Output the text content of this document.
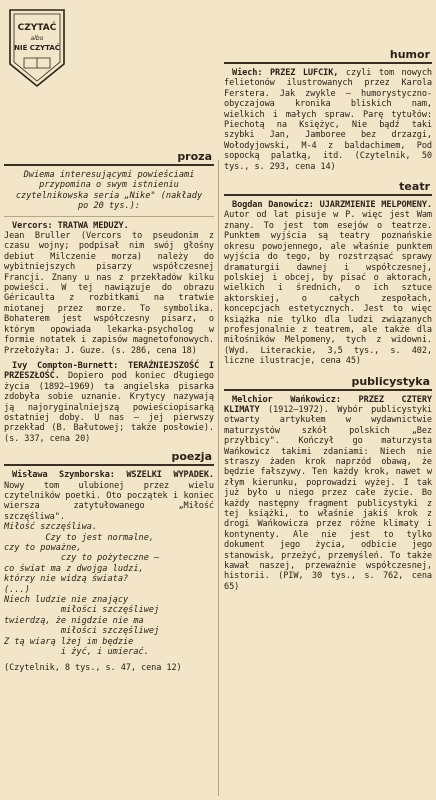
CZYTAĆ
albo
NIE CZYTAĆ
proza

Dwiema interesującymi powieściami przypomina o swym istnieniu czytelnikowska seria „Nike" (nakłady po 20 tys.):

Vercors: TRATWA MEDUZY.
Jean Bruller (Vercors to pseudonim z czasu wojny; podpisał nim swój głośny debiut Milczenie morza) należy do wybitniejszych pisarzy współczesnej Francji. Znany u nas z przekładów kilku powieści. W tej nawiązuje do obrazu Géricaulta z rozbitkami na tratwie miotanej przez morze. To symbolika. Bohaterem jest współczesny pisarz, o którym opowiada lekarka-psycholog w formie notatek i zapisów magnetofonowych. Przełożyła: J. Guze. (s. 286, cena 18)

Ivy Compton-Burnett: TERAŹNIEJSZOŚĆ I PRZESZŁOŚĆ. Dopiero pod koniec długiego życia (1892—1969) ta angielska pisarka zdobyła sobie uznanie. Krytycy nazywają ją najoryginalniejszą powieściopisarką ostatniej doby. U nas — jej pierwszy przekład (B. Bałutowej; także posłowie). (s. 337, cena 20)

poezja

Wisława Szymborska: WSZELKI WYPADEK. Nowy tom ulubionej przez wielu czytelników poetki. Oto początek i koniec wiersza zatytułowanego „Miłość szczęśliwa".

Miłość szczęśliwa.
Czy to jest normalne,
czy to poważne,
czy to pożyteczne —
co świat ma z dwojga ludzi,
którzy nie widzą świata?
(...)
Niech ludzie nie znający
miłości szczęśliwej
twierdzą, że nigdzie nie ma
miłości szczęśliwej
Z tą wiarą lżej im będzie
i żyć, i umierać.

(Czytelnik, 8 tys., s. 47, cena 12)

humor

Wiech: PRZEZ LUFCIK, czyli tom nowych felietonów ilustrowanych przez Karola Ferstera. Jak zwykle — humorystyczno-obyczajowa kronika bliskich nam, wielkich i małych spraw. Parę tytułów: Piechotą na Księżyc, Nie bądź taki szybki Jan, Jamboree bez drzazgi, Wołodyjowski, M-4 z baldachimem, Pod sopocką palatką, itd. (Czytelnik, 50 tys., s. 293, cena 14)

teatr

Bogdan Danowicz: UJARZMIENIE MELPOMENY. Autor od lat pisuje w P. więc jest Wam znany. To jest tom esejów o teatrze. Punktem wyjścia są teatry poznańskie okresu powojennego, ale właśnie punktem wyjścia do tego, by rozstrząsać sprawy dramaturgii dawnej i współczesnej, polskiej i obcej, by pisać o aktorach, wielkich i średnich, o ich sztuce aktorskiej, o całych zespołach, koncepcjach estetycznych. Jest to więc książka nie tylko dla ludzi związanych profesjonalnie z teatrem, ale także dla miłośników Melpomeny, tych z widowni. (Wyd. Literackie, 3,5 tys., s. 402, liczne ilustracje, cena 45)

publicystyka

Melchior Wańkowicz: PRZEZ CZTERY KLIMATY (1912—1972). Wybór publicystyki otwarty artykułem w wydawnictwie maturzystów szkół polskich „Bez przyłbicy". Kończył go maturzysta Wańkowicz takimi zdaniami: Niech nie straszy żaden krok naprzód obawą, że będzie fałszywy. Ten każdy krok, nawet w złym kierunku, poprowadzi wyżej. I tak już było u niego przez całe życie. Bo każdy następny fragment publicystyki z tej książki, to właśnie jakiś krok z drogi Wańkowicza przez różne klimaty i kontynenty. Ale nie jest to tylko dokument jego życia, odbicie jego stanowisk, przeżyć, przemyśleń. To także kawał naszej, przeważnie współczesnej, historii. (PIW, 30 tys., s. 762, cena 65)
